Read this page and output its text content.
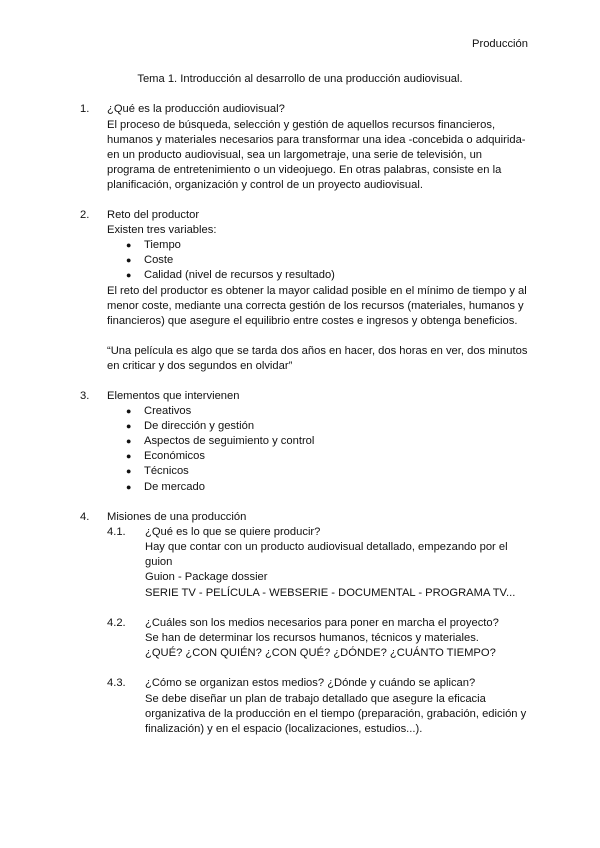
Producción
Tema 1. Introducción al desarrollo de una producción audiovisual.
1. ¿Qué es la producción audiovisual?
El proceso de búsqueda, selección y gestión de aquellos recursos financieros,
humanos y materiales necesarios para transformar una idea -concebida o adquirida-
en un producto audiovisual, sea un largometraje, una serie de televisión, un
programa de entretenimiento o un videojuego. En otras palabras, consiste en la
planificación, organización y control de un proyecto audiovisual.
2. Reto del productor
Existen tres variables:
● Tiempo
● Coste
● Calidad (nivel de recursos y resultado)
El reto del productor es obtener la mayor calidad posible en el mínimo de tiempo y al
menor coste, mediante una correcta gestión de los recursos (materiales, humanos y
financieros) que asegure el equilibrio entre costes e ingresos y obtenga beneficios.
“Una película es algo que se tarda dos años en hacer, dos horas en ver, dos minutos
en criticar y dos segundos en olvidar”
3. Elementos que intervienen
● Creativos
● De dirección y gestión
● Aspectos de seguimiento y control
● Económicos
● Técnicos
● De mercado
4. Misiones de una producción
4.1. ¿Qué es lo que se quiere producir?
Hay que contar con un producto audiovisual detallado, empezando por el
guion
Guion - Package dossier
SERIE TV - PELÍCULA - WEBSERIE - DOCUMENTAL - PROGRAMA TV...
4.2. ¿Cuáles son los medios necesarios para poner en marcha el proyecto?
Se han de determinar los recursos humanos, técnicos y materiales.
¿QUÉ? ¿CON QUIÉN? ¿CON QUÉ? ¿DÓNDE? ¿CUÁNTO TIEMPO?
4.3. ¿Cómo se organizan estos medios? ¿Dónde y cuándo se aplican?
Se debe diseñar un plan de trabajo detallado que asegure la eficacia
organizativa de la producción en el tiempo (preparación, grabación, edición y
finalización) y en el espacio (localizaciones, estudios...).
